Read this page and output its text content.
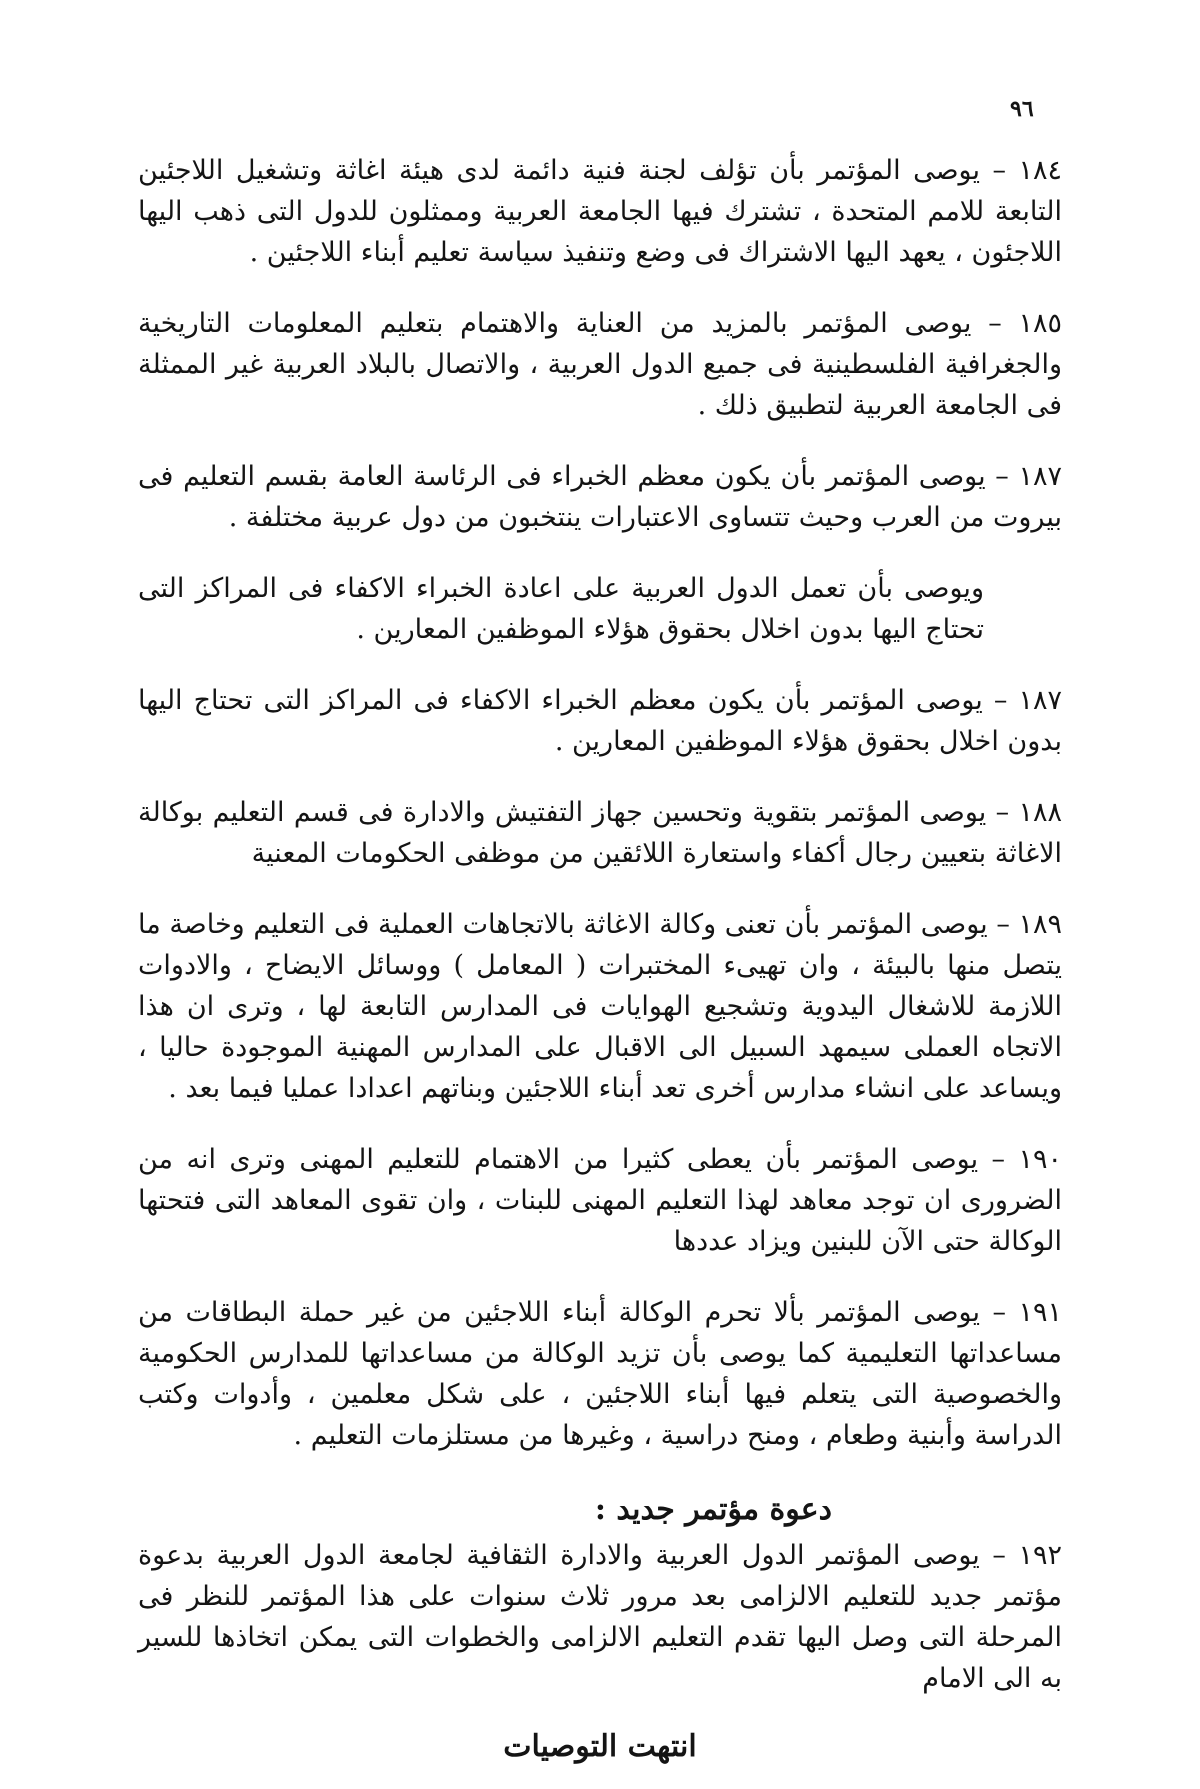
٩٦

١٨٤ – يوصى المؤتمر بأن تؤلف لجنة فنية دائمة لدى هيئة اغاثة وتشغيل اللاجئين التابعة للامم المتحدة ، تشترك فيها الجامعة العربية وممثلون للدول التى ذهب اليها اللاجئون ، يعهد اليها الاشتراك فى وضع وتنفيذ سياسة تعليم أبناء اللاجئين .

١٨٥ – يوصى المؤتمر بالمزيد من العناية والاهتمام بتعليم المعلومات التاريخية والجغرافية الفلسطينية فى جميع الدول العربية ، والاتصال بالبلاد العربية غير الممثلة فى الجامعة العربية لتطبيق ذلك .

١٨٧ – يوصى المؤتمر بأن يكون معظم الخبراء فى الرئاسة العامة بقسم التعليم فى بيروت من العرب وحيث تتساوى الاعتبارات ينتخبون من دول عربية مختلفة .

ويوصى بأن تعمل الدول العربية على اعادة الخبراء الاكفاء فى المراكز التى تحتاج اليها بدون اخلال بحقوق هؤلاء الموظفين المعارين .

١٨٧ – يوصى المؤتمر بأن يكون معظم الخبراء الاكفاء فى المراكز التى تحتاج اليها بدون اخلال بحقوق هؤلاء الموظفين المعارين .

١٨٨ – يوصى المؤتمر بتقوية وتحسين جهاز التفتيش والادارة فى قسم التعليم بوكالة الاغاثة بتعيين رجال أكفاء واستعارة اللائقين من موظفى الحكومات المعنية

١٨٩ – يوصى المؤتمر بأن تعنى وكالة الاغاثة بالاتجاهات العملية فى التعليم وخاصة ما يتصل منها بالبيئة ، وان تهيىء المختبرات ( المعامل ) ووسائل الايضاح ، والادوات اللازمة للاشغال اليدوية وتشجيع الهوايات فى المدارس التابعة لها ، وترى ان هذا الاتجاه العملى سيمهد السبيل الى الاقبال على المدارس المهنية الموجودة حاليا ، ويساعد على انشاء مدارس أخرى تعد أبناء اللاجئين وبناتهم اعدادا عمليا فيما بعد .

١٩٠ – يوصى المؤتمر بأن يعطى كثيرا من الاهتمام للتعليم المهنى وترى انه من الضرورى ان توجد معاهد لهذا التعليم المهنى للبنات ، وان تقوى المعاهد التى فتحتها الوكالة حتى الآن للبنين ويزاد عددها

١٩١ – يوصى المؤتمر بألا تحرم الوكالة أبناء اللاجئين من غير حملة البطاقات من مساعداتها التعليمية كما يوصى بأن تزيد الوكالة من مساعداتها للمدارس الحكومية والخصوصية التى يتعلم فيها أبناء اللاجئين ، على شكل معلمين ، وأدوات وكتب الدراسة وأبنية وطعام ، ومنح دراسية ، وغيرها من مستلزمات التعليم .

دعوة مؤتمر جديد :

١٩٢ – يوصى المؤتمر الدول العربية والادارة الثقافية لجامعة الدول العربية بدعوة مؤتمر جديد للتعليم الالزامى بعد مرور ثلاث سنوات على هذا المؤتمر للنظر فى المرحلة التى وصل اليها تقدم التعليم الالزامى والخطوات التى يمكن اتخاذها للسير به الى الامام

انتهت التوصيات
